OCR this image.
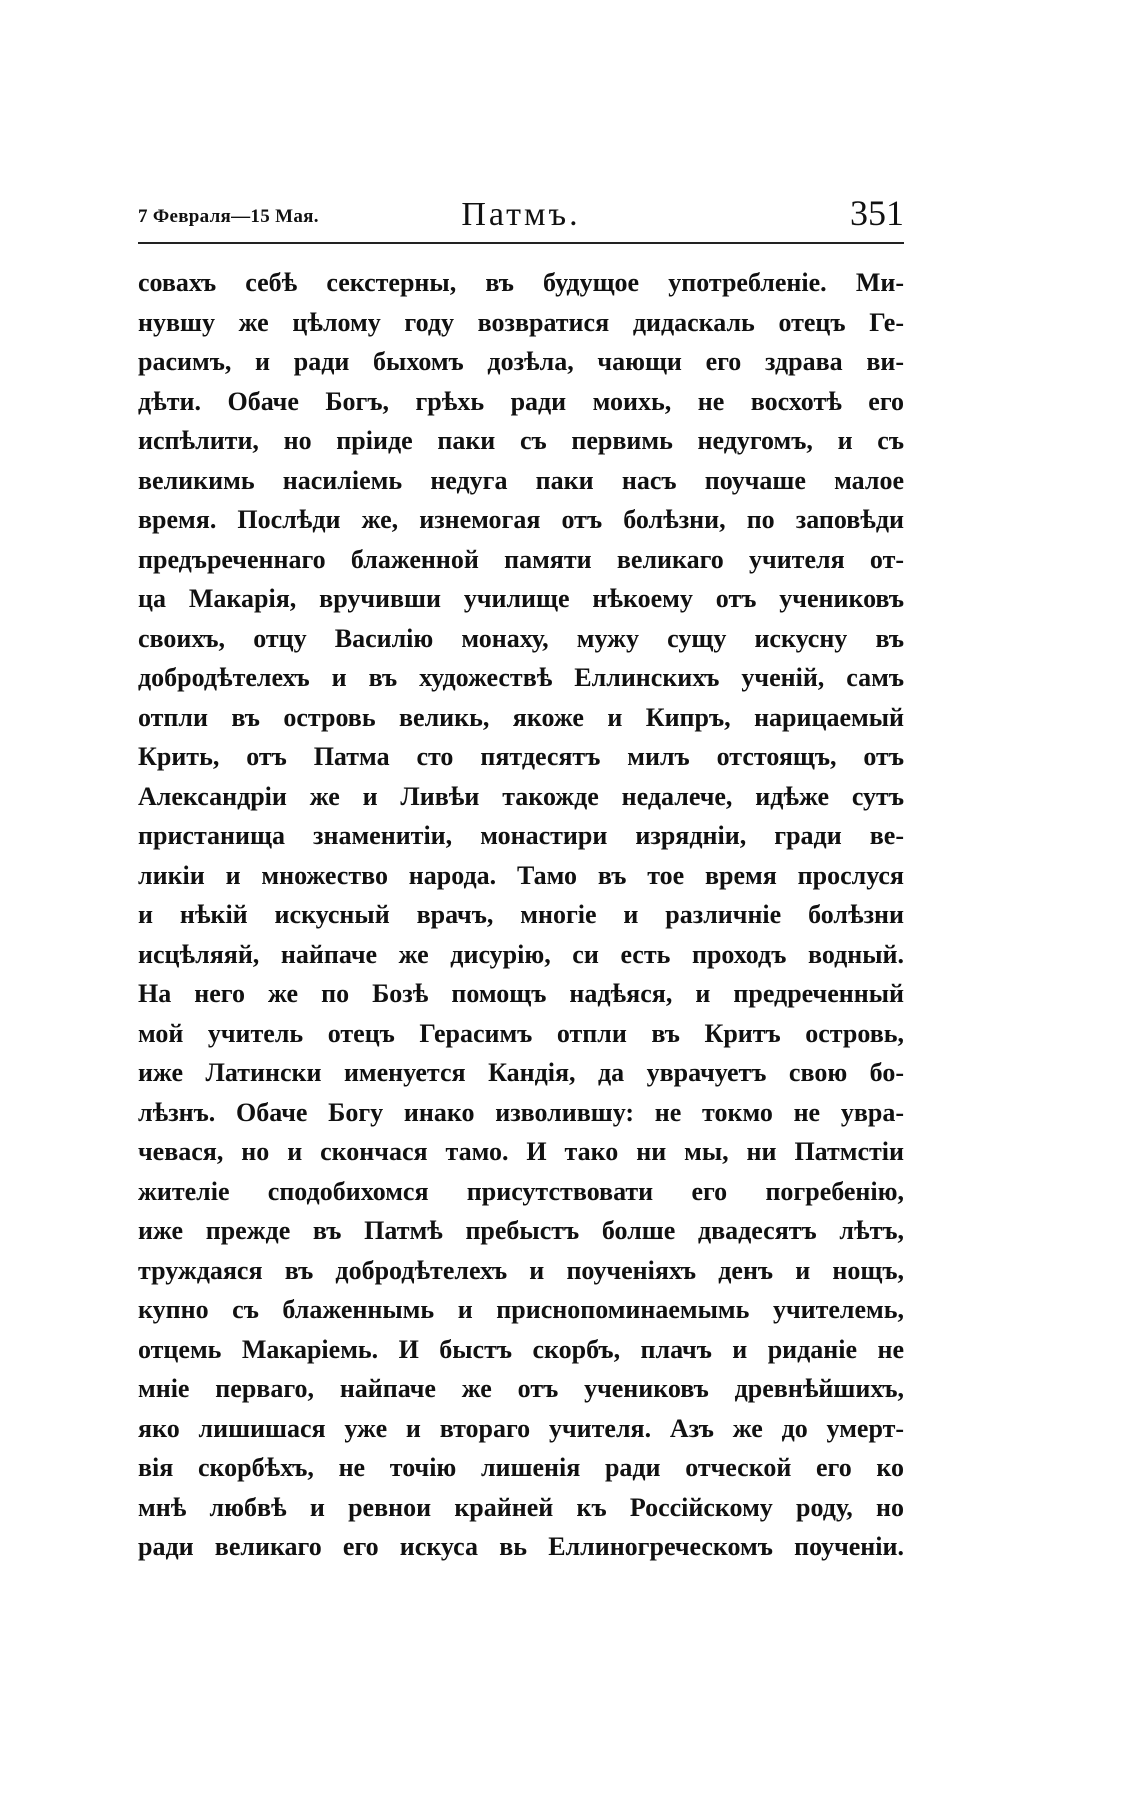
7 Февраля—15 Мая.	Патмъ.	351
совахъ себѣ секстерны, въ будущое употребленіе. Ми-
нувшу же цѣлому году возвратися дидаскаль отецъ Ге-
расимъ, и ради быхомъ дозѣла, чающи его здрава ви-
дѣти. Обаче Богъ, грѣхь ради моихь, не восхотѣ его
испѣлити, но пріиде паки съ первимь недугомъ, и съ
великимь насиліемь недуга паки насъ поучаше малое
время. Послѣди же, изнемогая отъ болѣзни, по заповѣди
предъреченнаго блаженной памяти великаго учителя от-
ца Макарія, вручивши училище нѣкоему отъ учениковъ
своихъ, отцу Василію монаху, мужу сущу искусну въ
добродѣтелехъ и въ художествѣ Еллинскихъ ученій, самъ
отпли въ островь великь, якоже и Кипръ, нарицаемый
Крить, отъ Патма сто пятдесятъ милъ отстоящъ, отъ
Александріи же и Ливѣи такожде недалече, идѣже сутъ
пристанища знаменитіи, монастири изрядніи, гради ве-
ликіи и множество народа. Тамо въ тое время прослуся
и нѣкій искусный врачъ, многіе и различніе болѣзни
исцѣляяй, найпаче же дисурію, си есть проходъ водный.
На него же по Бозѣ помощъ надѣяся, и предреченный
мой учитель отецъ Герасимъ отпли въ Критъ островь,
иже Латински именуется Кандія, да уврачуетъ свою бо-
лѣзнъ. Обаче Богу инако изволившу: не токмо не увра-
чевася, но и скончася тамо. И тако ни мы, ни Патмстіи
жителіе сподобихомся присутствовати его погребенію,
иже прежде въ Патмѣ пребыстъ болше двадесятъ лѣтъ,
труждаяся въ добродѣтелехъ и поученіяхъ денъ и нощъ,
купно съ блаженнымь и приснопоминаемымь учителемь,
отцемь Макаріемь. И быстъ скорбъ, плачъ и риданіе не
мніе перваго, найпаче же отъ учениковъ древнѣйшихъ,
яко лишишася уже и втораго учителя. Азъ же до умерт-
вія скорбѣхъ, не точію лишенія ради отческой его ко
мнѣ любвѣ и ревнои крайней къ Россійскому роду, но
ради великаго его искуса вь Еллиногреческомъ поученіи.
